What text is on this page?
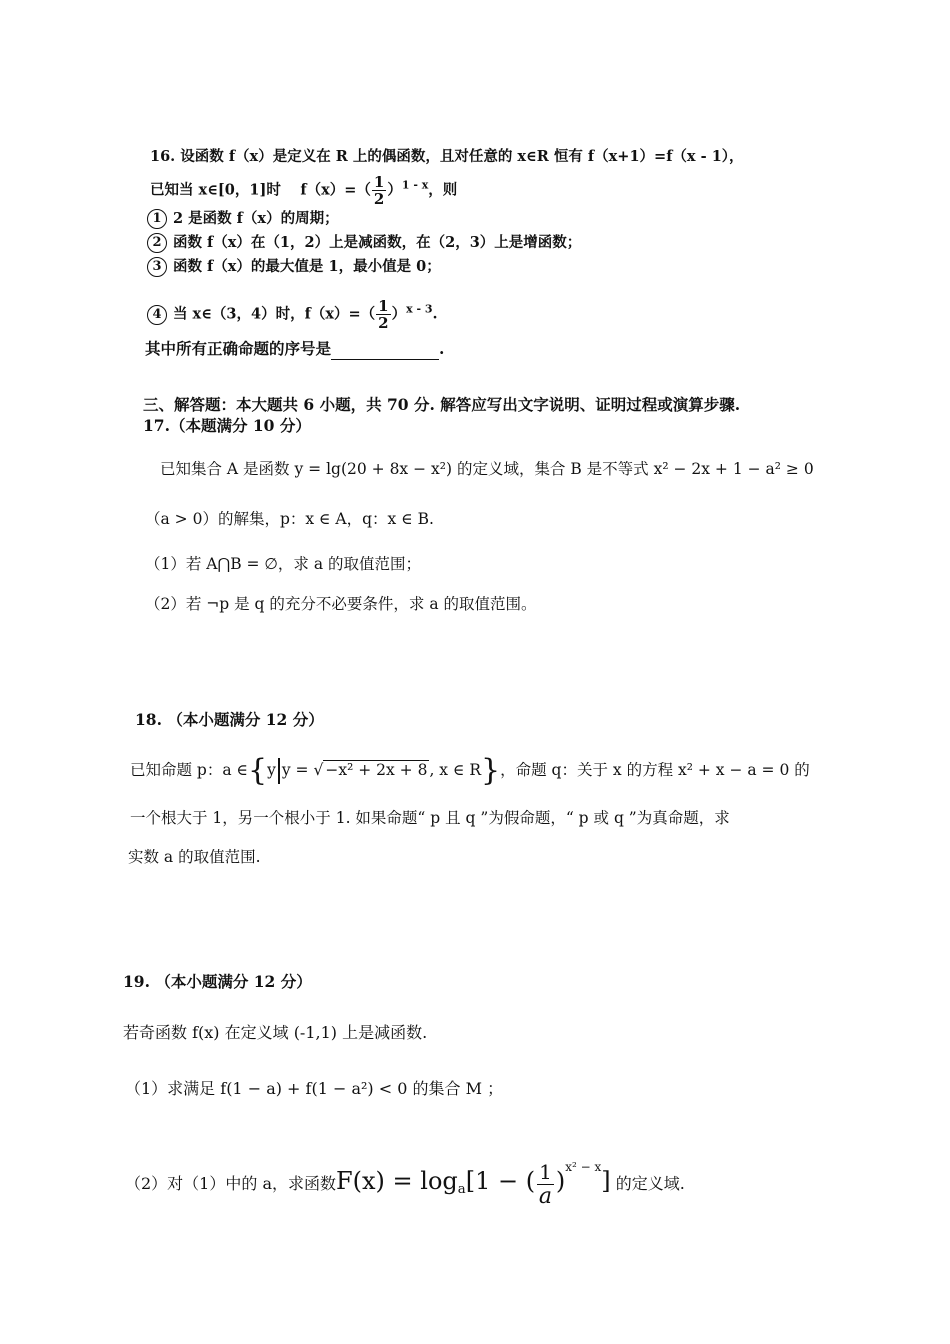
16. 设函数 f（x）是定义在 R 上的偶函数，且对任意的 x∈R 恒有 f（x+1）=f（x - 1），
已知当 x∈[0，1]时　 $f(x)=( \frac{1}{2} )^{1 - x}$，则
1 2 是函数 f（x）的周期；
2 函数 f（x）在（1，2）上是减函数，在（2，3）上是增函数；
3 函数 f（x）的最大值是 1，最小值是 0；
4 当 x∈（3，4）时，$f(x)=( \frac{1}{2} )^{x - 3}$.
其中所有正确命题的序号是	.
三、解答题：本大题共 6 小题，共 70 分. 解答应写出文字说明、证明过程或演算步骤.
17.（本题满分 10 分）
已知集合 A 是函数 y = lg(20 + 8x − x²) 的定义域，集合 B 是不等式 x² − 2x + 1 − a² ≥ 0
（a > 0）的解集，p：x ∈ A，q：x ∈ B.
（1）若 A⋂B = ∅，求 a 的取值范围；
（2）若 ¬p 是 q 的充分不必要条件，求 a 的取值范围。
18. （本小题满分 12 分）
已知命题 p：a ∈{y y = √ −x² + 2x + 8 , x ∈ R}，命题 q：关于 x 的方程 x² + x − a = 0 的
一个根大于 1，另一个根小于 1. 如果命题“ p 且 q ”为假命题，“ p 或 q ”为真命题，求
实数 a 的取值范围.
19. （本小题满分 12 分）
若奇函数 f(x) 在定义域 (-1,1) 上是减函数.
（1）求满足 f(1 − a) + f(1 − a²) < 0 的集合 M ；
（2）对（1）中的 a，求函数$F(x) = \log_a[1$ − ( $\frac{1}{a} )^{x^2 - x}$] 的定义域.
